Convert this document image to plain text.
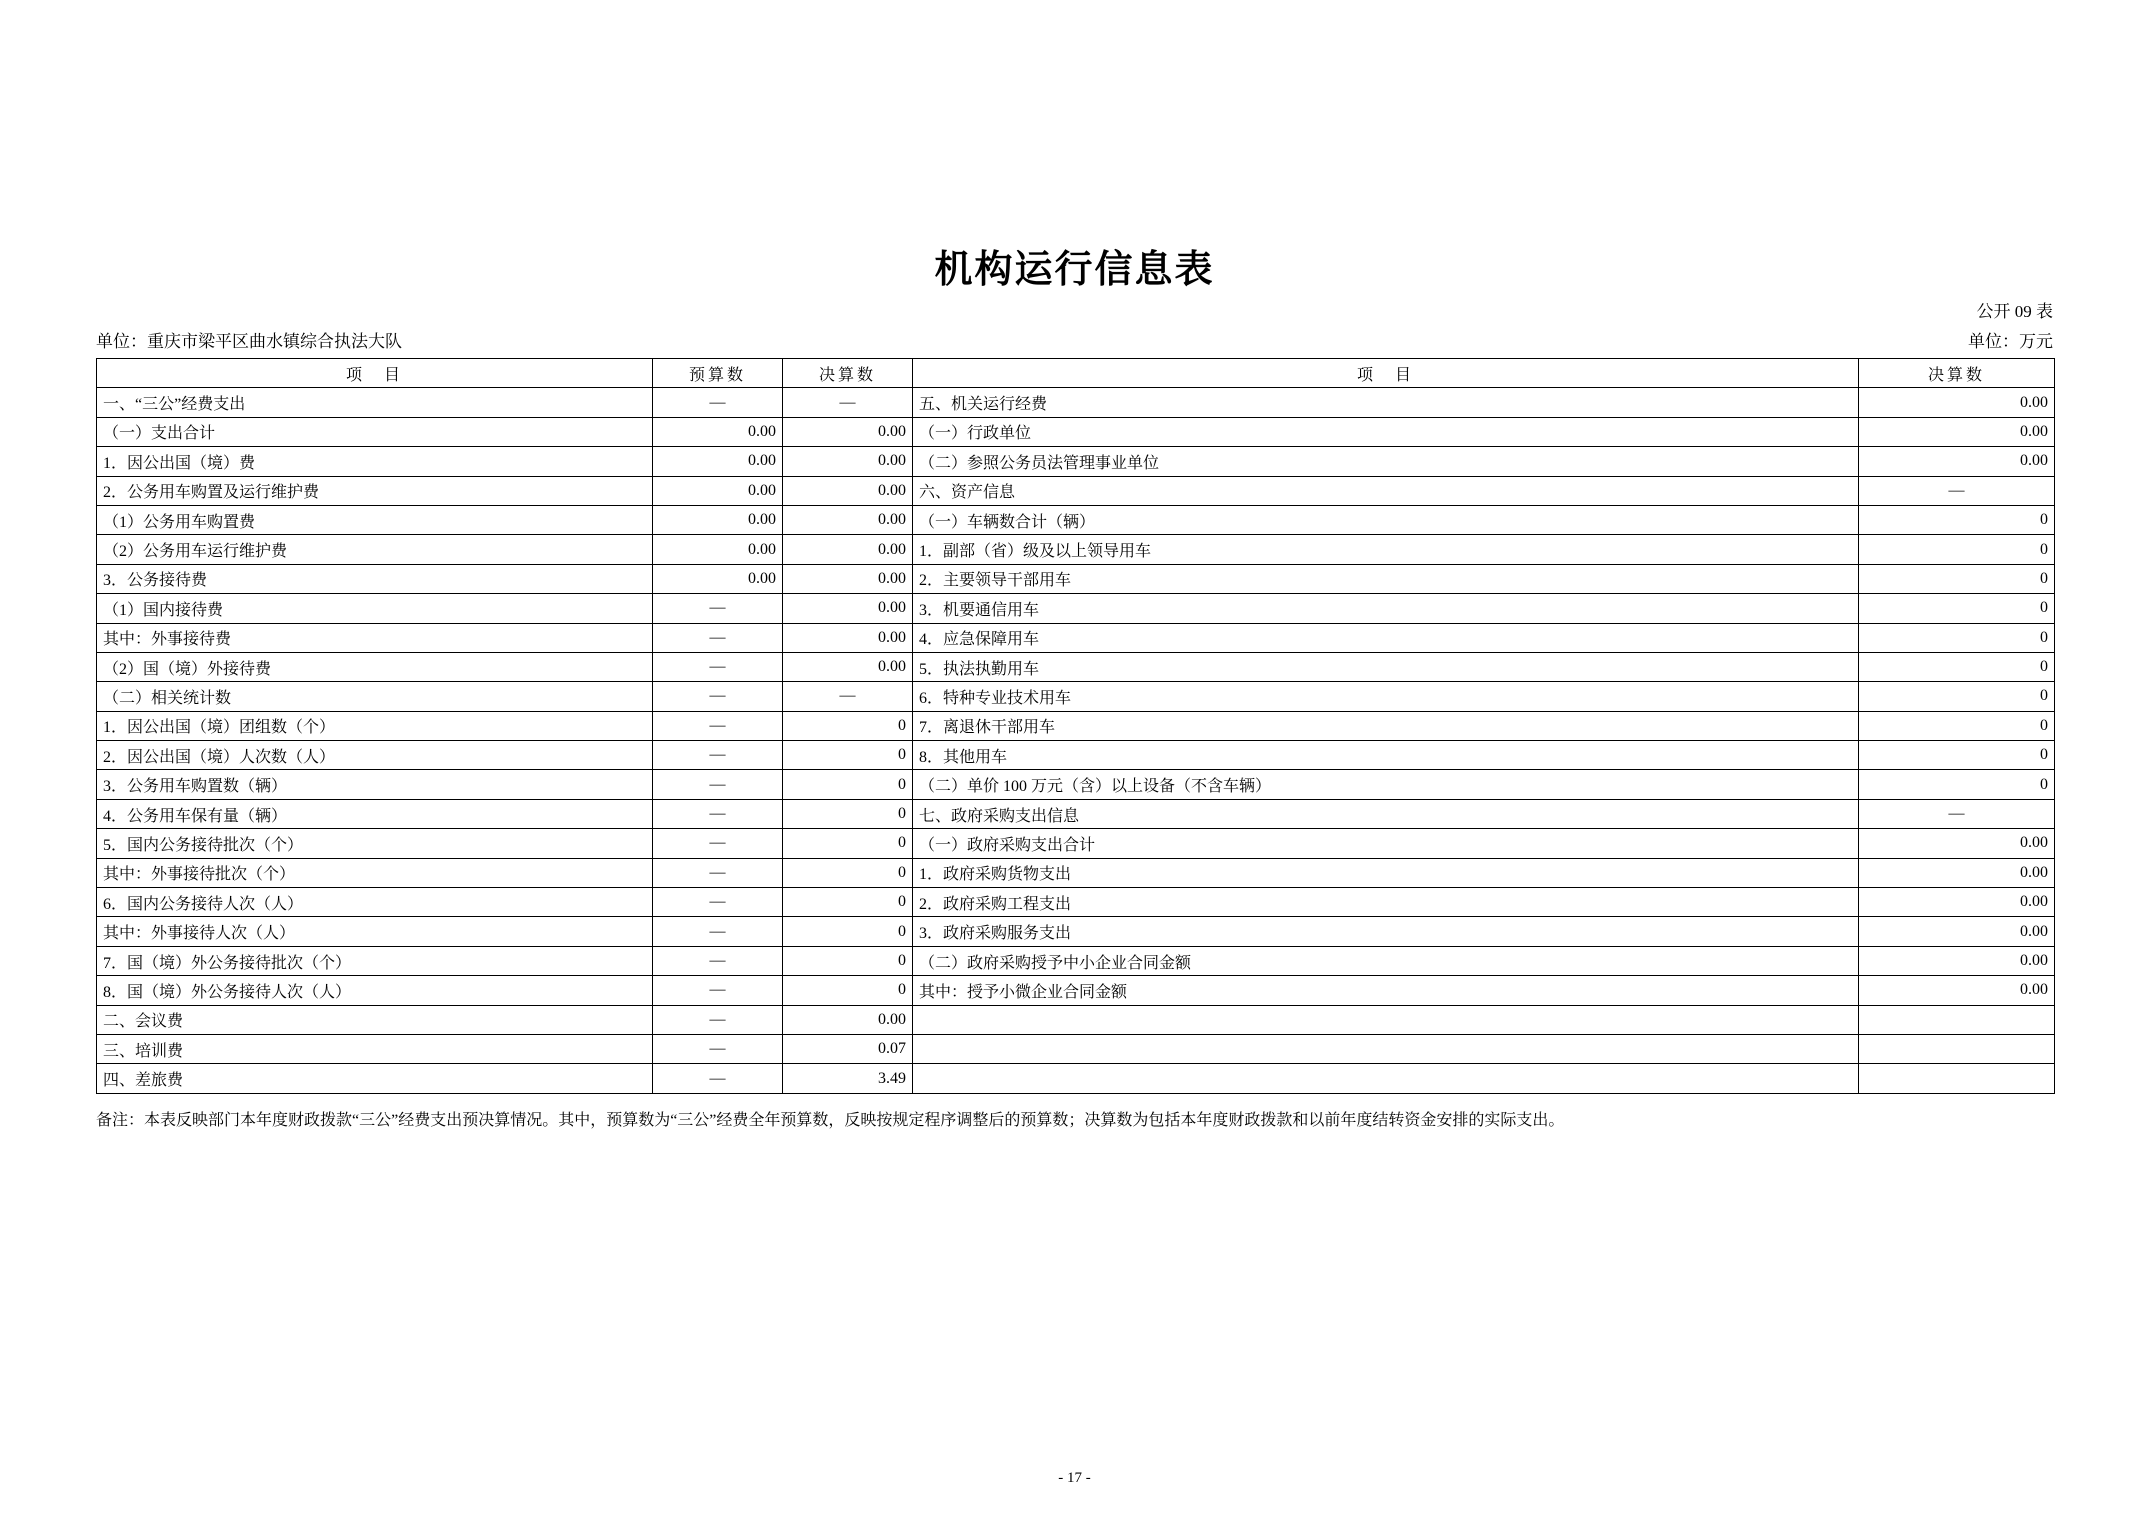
机构运行信息表
公开 09 表
单位：万元
单位：重庆市梁平区曲水镇综合执法大队
项　目	预算数	决算数	项　目	决算数
一、“三公”经费支出	—	—	五、机关运行经费	0.00
（一）支出合计	0.00	0.00	（一）行政单位	0.00
1．因公出国（境）费	0.00	0.00	（二）参照公务员法管理事业单位	0.00
2．公务用车购置及运行维护费	0.00	0.00	六、资产信息	—
（1）公务用车购置费	0.00	0.00	（一）车辆数合计（辆）	0
（2）公务用车运行维护费	0.00	0.00	1．副部（省）级及以上领导用车	0
3．公务接待费	0.00	0.00	2．主要领导干部用车	0
（1）国内接待费	—	0.00	3．机要通信用车	0
其中：外事接待费	—	0.00	4．应急保障用车	0
（2）国（境）外接待费	—	0.00	5．执法执勤用车	0
（二）相关统计数	—	—	6．特种专业技术用车	0
1．因公出国（境）团组数（个）	—	0	7．离退休干部用车	0
2．因公出国（境）人次数（人）	—	0	8．其他用车	0
3．公务用车购置数（辆）	—	0	（二）单价 100 万元（含）以上设备（不含车辆）	0
4．公务用车保有量（辆）	—	0	七、政府采购支出信息	—
5．国内公务接待批次（个）	—	0	（一）政府采购支出合计	0.00
其中：外事接待批次（个）	—	0	1．政府采购货物支出	0.00
6．国内公务接待人次（人）	—	0	2．政府采购工程支出	0.00
其中：外事接待人次（人）	—	0	3．政府采购服务支出	0.00
7．国（境）外公务接待批次（个）	—	0	（二）政府采购授予中小企业合同金额	0.00
8．国（境）外公务接待人次（人）	—	0	其中：授予小微企业合同金额	0.00
二、会议费	—	0.00		
三、培训费	—	0.07		
四、差旅费	—	3.49		
备注：本表反映部门本年度财政拨款“三公”经费支出预决算情况。其中，预算数为“三公”经费全年预算数，反映按规定程序调整后的预算数；决算数为包括本年度财政拨款和以前年度结转资金安排的实际支出。
- 17 -
